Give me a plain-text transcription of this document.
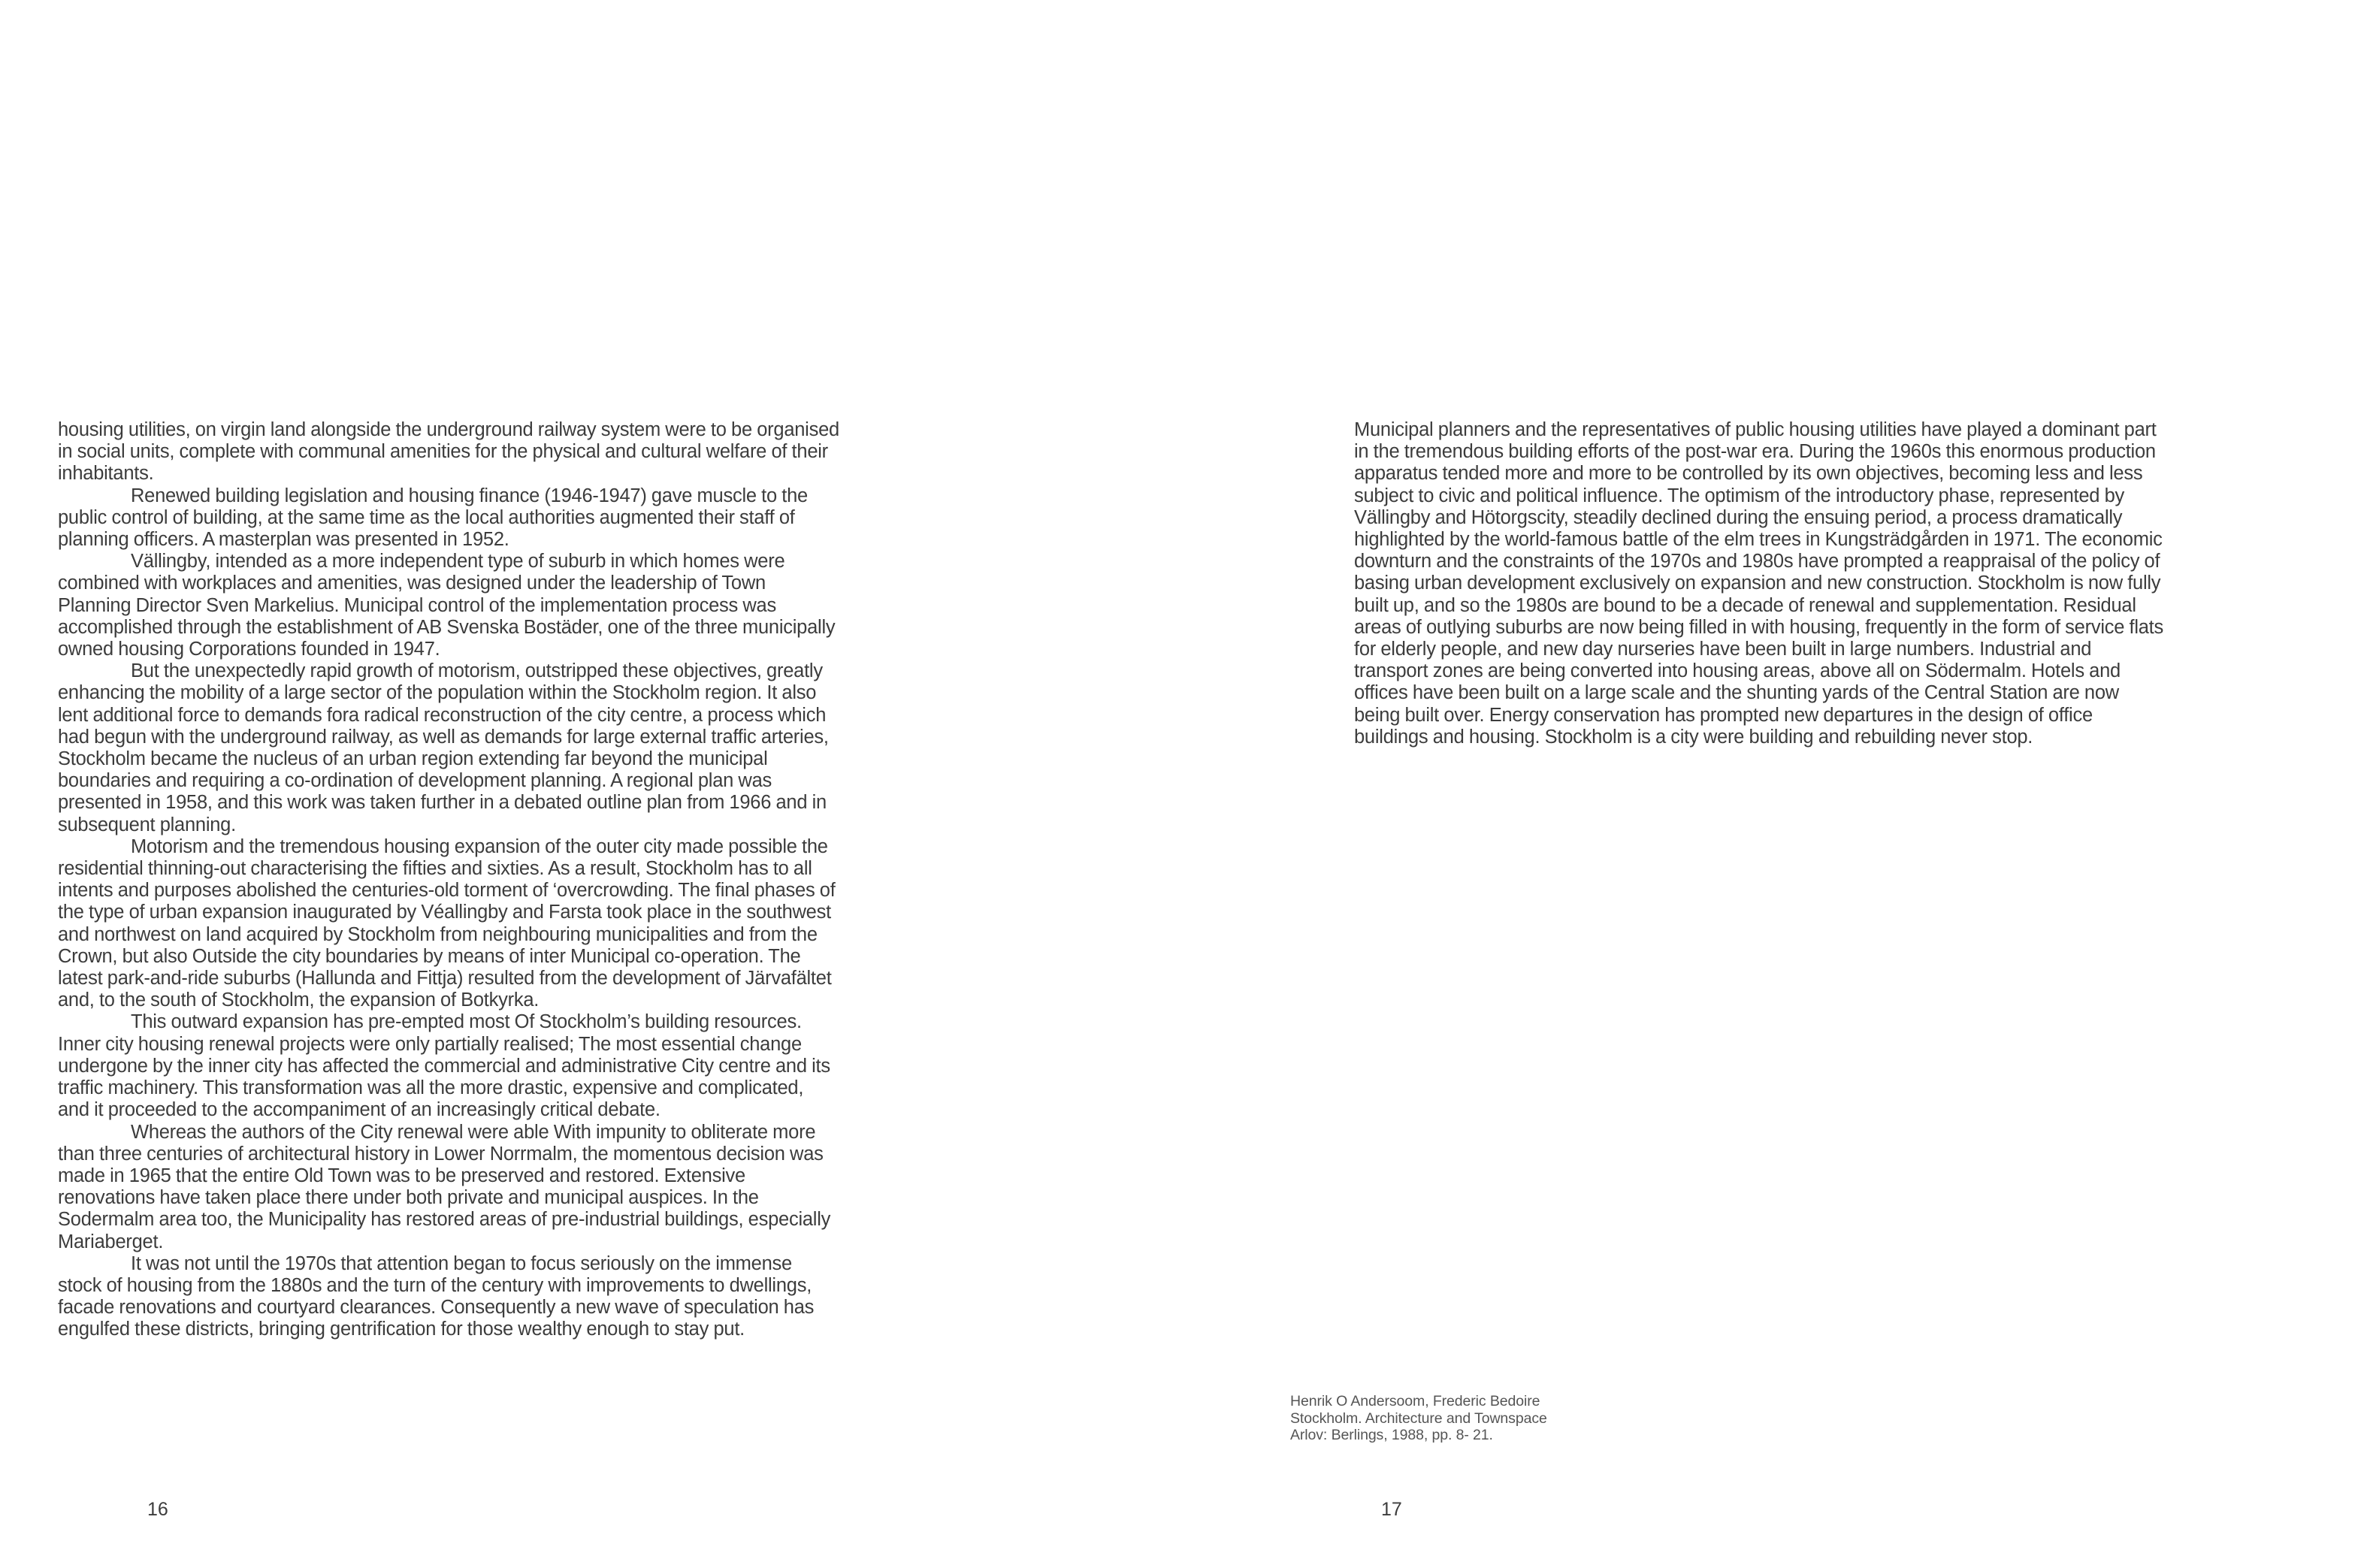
housing utilities, on virgin land alongside the underground railway system were to be organised in social units, complete with communal amenities for the physical and cultural welfare of their inhabitants.

Renewed building legislation and housing finance (1946-1947) gave muscle to the public control of building, at the same time as the local authorities augmented their staff of planning officers. A masterplan was presented in 1952.

Vällingby, intended as a more independent type of suburb in which homes were combined with workplaces and amenities, was designed under the leadership of Town Planning Director Sven Markelius. Municipal control of the implementation process was accomplished through the establishment of AB Svenska Bostäder, one of the three municipally owned housing Corporations founded in 1947.

But the unexpectedly rapid growth of motorism, outstripped these objectives, greatly enhancing the mobility of a large sector of the population within the Stockholm region. It also lent additional force to demands fora radical reconstruction of the city centre, a process which had begun with the underground railway, as well as demands for large external traffic arteries, Stockholm became the nucleus of an urban region extending far beyond the municipal boundaries and requiring a co-ordination of development planning. A regional plan was presented in 1958, and this work was taken further in a debated outline plan from 1966 and in subsequent planning.

Motorism and the tremendous housing expansion of the outer city made possible the residential thinning-out characterising the fifties and sixties. As a result, Stockholm has to all intents and purposes abolished the centuries-old torment of ‘overcrowding. The final phases of the type of urban expansion inaugurated by Véallingby and Farsta took place in the southwest and northwest on land acquired by Stockholm from neighbouring municipalities and from the Crown, but also Outside the city boundaries by means of inter Municipal co-operation. The latest park-and-ride suburbs (Hallunda and Fittja) resulted from the development of Järvafältet and, to the south of Stockholm, the expansion of Botkyrka.

This outward expansion has pre-empted most Of Stockholm’s building resources. Inner city housing renewal projects were only partially realised; The most essential change undergone by the inner city has affected the commercial and administrative City centre and its traffic machinery. This transformation was all the more drastic, expensive and complicated, and it proceeded to the accompaniment of an increasingly critical debate.

Whereas the authors of the City renewal were able With impunity to obliterate more than three centuries of architectural history in Lower Norrmalm, the momentous decision was made in 1965 that the entire Old Town was to be preserved and restored. Extensive renovations have taken place there under both private and municipal auspices. In the Sodermalm area too, the Municipality has restored areas of pre-industrial buildings, especially Mariaberget.

It was not until the 1970s that attention began to focus seriously on the immense stock of housing from the 1880s and the turn of the century with improvements to dwellings, facade renovations and courtyard clearances. Consequently a new wave of speculation has engulfed these districts, bringing gentrification for those wealthy enough to stay put.

16

Municipal planners and the representatives of public housing utilities have played a dominant part in the tremendous building efforts of the post-war era. During the 1960s this enormous production apparatus tended more and more to be controlled by its own objectives, becoming less and less subject to civic and political influence. The optimism of the introductory phase, represented by Vällingby and Hötorgscity, steadily declined during the ensuing period, a process dramatically highlighted by the world-famous battle of the elm trees in Kungsträdgården in 1971. The economic downturn and the constraints of the 1970s and 1980s have prompted a reappraisal of the policy of basing urban development exclusively on expansion and new construction. Stockholm is now fully built up, and so the 1980s are bound to be a decade of renewal and supplementation. Residual areas of outlying suburbs are now being filled in with housing, frequently in the form of service flats for elderly people, and new day nurseries have been built in large numbers. Industrial and transport zones are being converted into housing areas, above all on Södermalm. Hotels and offices have been built on a large scale and the shunting yards of the Central Station are now being built over. Energy conservation has prompted new departures in the design of office buildings and housing. Stockholm is a city were building and rebuilding never stop.

Henrik O Andersoom, Frederic Bedoire
Stockholm. Architecture and Townspace
Arlov: Berlings, 1988, pp. 8- 21.
17
